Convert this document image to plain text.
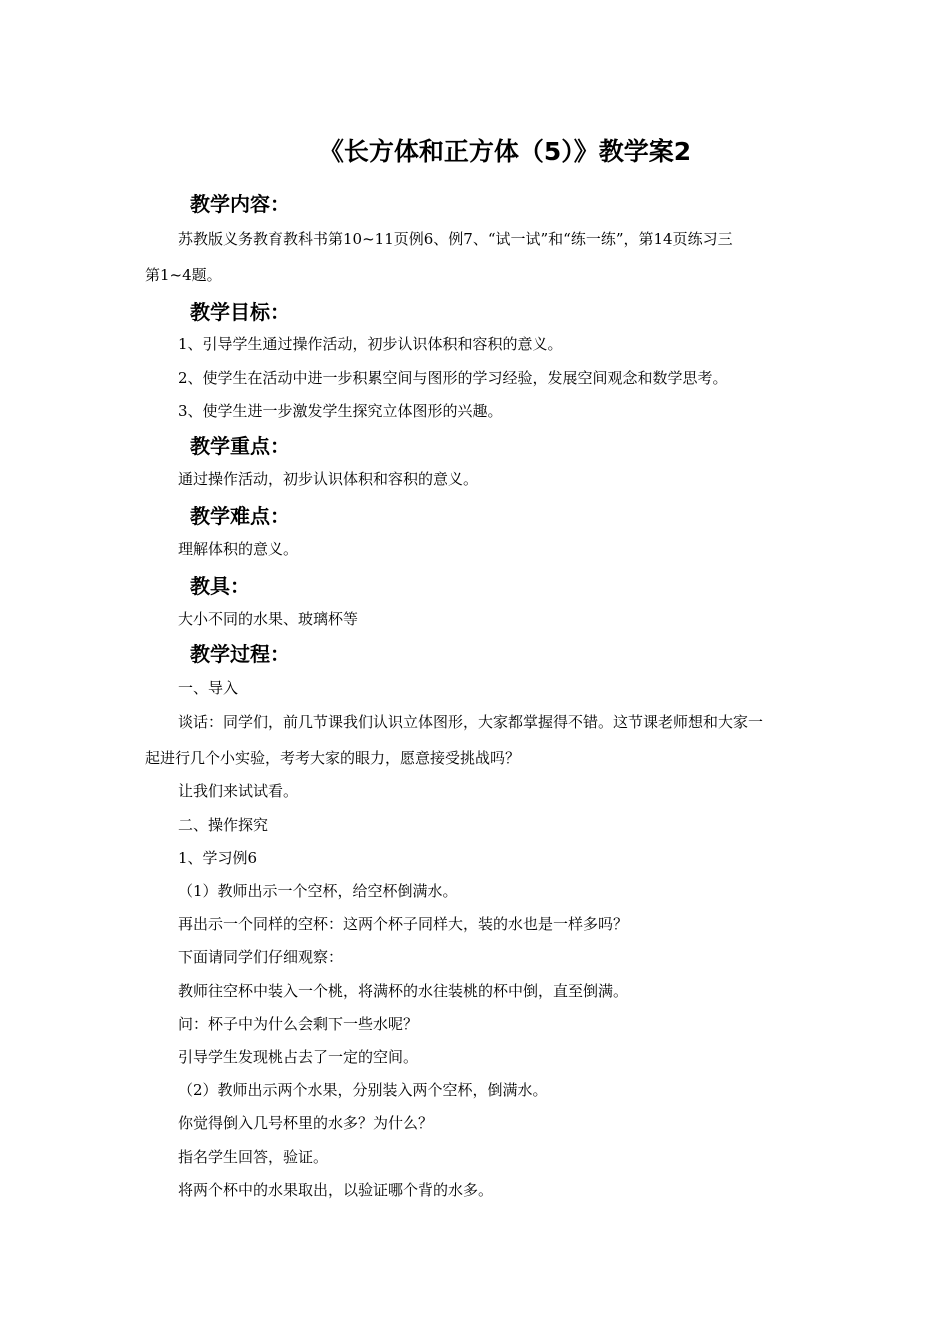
《长方体和正方体（5）》教学案2
教学内容：
苏教版义务教育教科书第10~11页例6、例7、“试一试”和“练一练”，第14页练习三
第1~4题。
教学目标：
1、引导学生通过操作活动，初步认识体积和容积的意义。
2、使学生在活动中进一步积累空间与图形的学习经验，发展空间观念和数学思考。
3、使学生进一步激发学生探究立体图形的兴趣。
教学重点：
通过操作活动，初步认识体积和容积的意义。
教学难点：
理解体积的意义。
教具：
大小不同的水果、玻璃杯等
教学过程：
一、导入
谈话：同学们，前几节课我们认识立体图形，大家都掌握得不错。这节课老师想和大家一
起进行几个小实验，考考大家的眼力，愿意接受挑战吗？
让我们来试试看。
二、操作探究
1、学习例6
（1）教师出示一个空杯，给空杯倒满水。
再出示一个同样的空杯：这两个杯子同样大，装的水也是一样多吗？
下面请同学们仔细观察：
教师往空杯中装入一个桃，将满杯的水往装桃的杯中倒，直至倒满。
问：杯子中为什么会剩下一些水呢？
引导学生发现桃占去了一定的空间。
（2）教师出示两个水果，分别装入两个空杯，倒满水。
你觉得倒入几号杯里的水多？为什么？
指名学生回答，验证。
将两个杯中的水果取出，以验证哪个背的水多。
